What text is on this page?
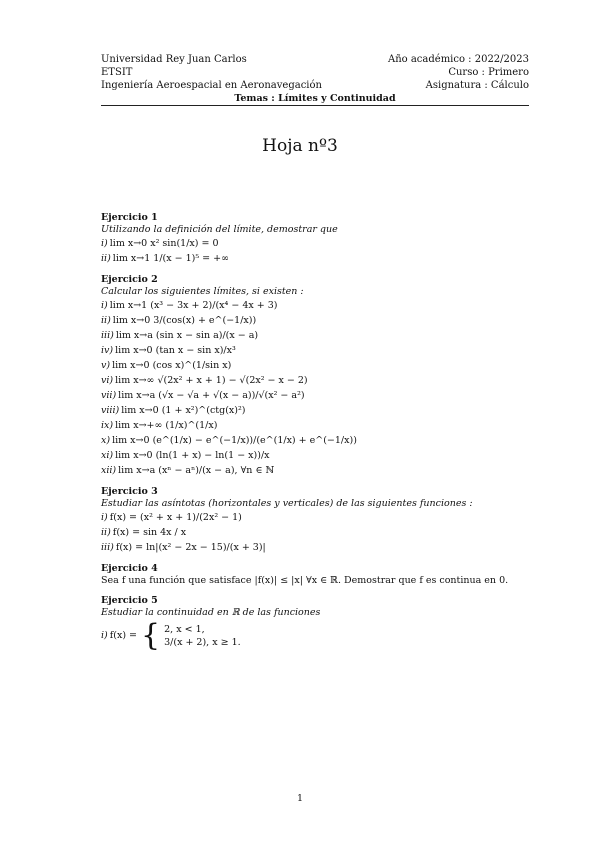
Universidad Rey Juan Carlos	Año académico : 2022/2023
ETSIT	Curso : Primero
Ingeniería Aeroespacial en Aeronavegación	Asignatura : Cálculo
Temas : Límites y Continuidad
Hoja nº3
Ejercicio 1
Utilizando la definición del límite, demostrar que
i) lim x→0 x² sin(1/x) = 0
ii) lim x→1 1/(x − 1)⁵ = +∞
Ejercicio 2
Calcular los siguientes límites, si existen :
i) lim x→1 (x³ − 3x + 2)/(x⁴ − 4x + 3)
ii) lim x→0 3/(cos(x) + e^(−1/x))
iii) lim x→a (sin x − sin a)/(x − a)
iv) lim x→0 (tan x − sin x)/x³
v) lim x→0 (cos x)^(1/sin x)
vi) lim x→∞ √(2x² + x + 1) − √(2x² − x − 2)
vii) lim x→a (√x − √a + √(x − a))/√(x² − a²)
viii) lim x→0 (1 + x²)^(ctg(x)²)
ix) lim x→+∞ (1/x)^(1/x)
x) lim x→0 (e^(1/x) − e^(−1/x))/(e^(1/x) + e^(−1/x))
xi) lim x→0 (ln(1 + x) − ln(1 − x))/x
xii) lim x→a (xⁿ − aⁿ)/(x − a), ∀n ∈ ℕ
Ejercicio 3
Estudiar las asíntotas (horizontales y verticales) de las siguientes funciones :
i) f(x) = (x² + x + 1)/(2x² − 1)
ii) f(x) = sin 4x / x
iii) f(x) = ln|(x² − 2x − 15)/(x + 3)|
Ejercicio 4
Sea f una función que satisface |f(x)| ≤ |x| ∀x ∈ ℝ. Demostrar que f es continua en 0.
Ejercicio 5
Estudiar la continuidad en ℝ de las funciones
i) f(x) = { 2, x < 1,
3/(x + 2), x ≥ 1.
1
